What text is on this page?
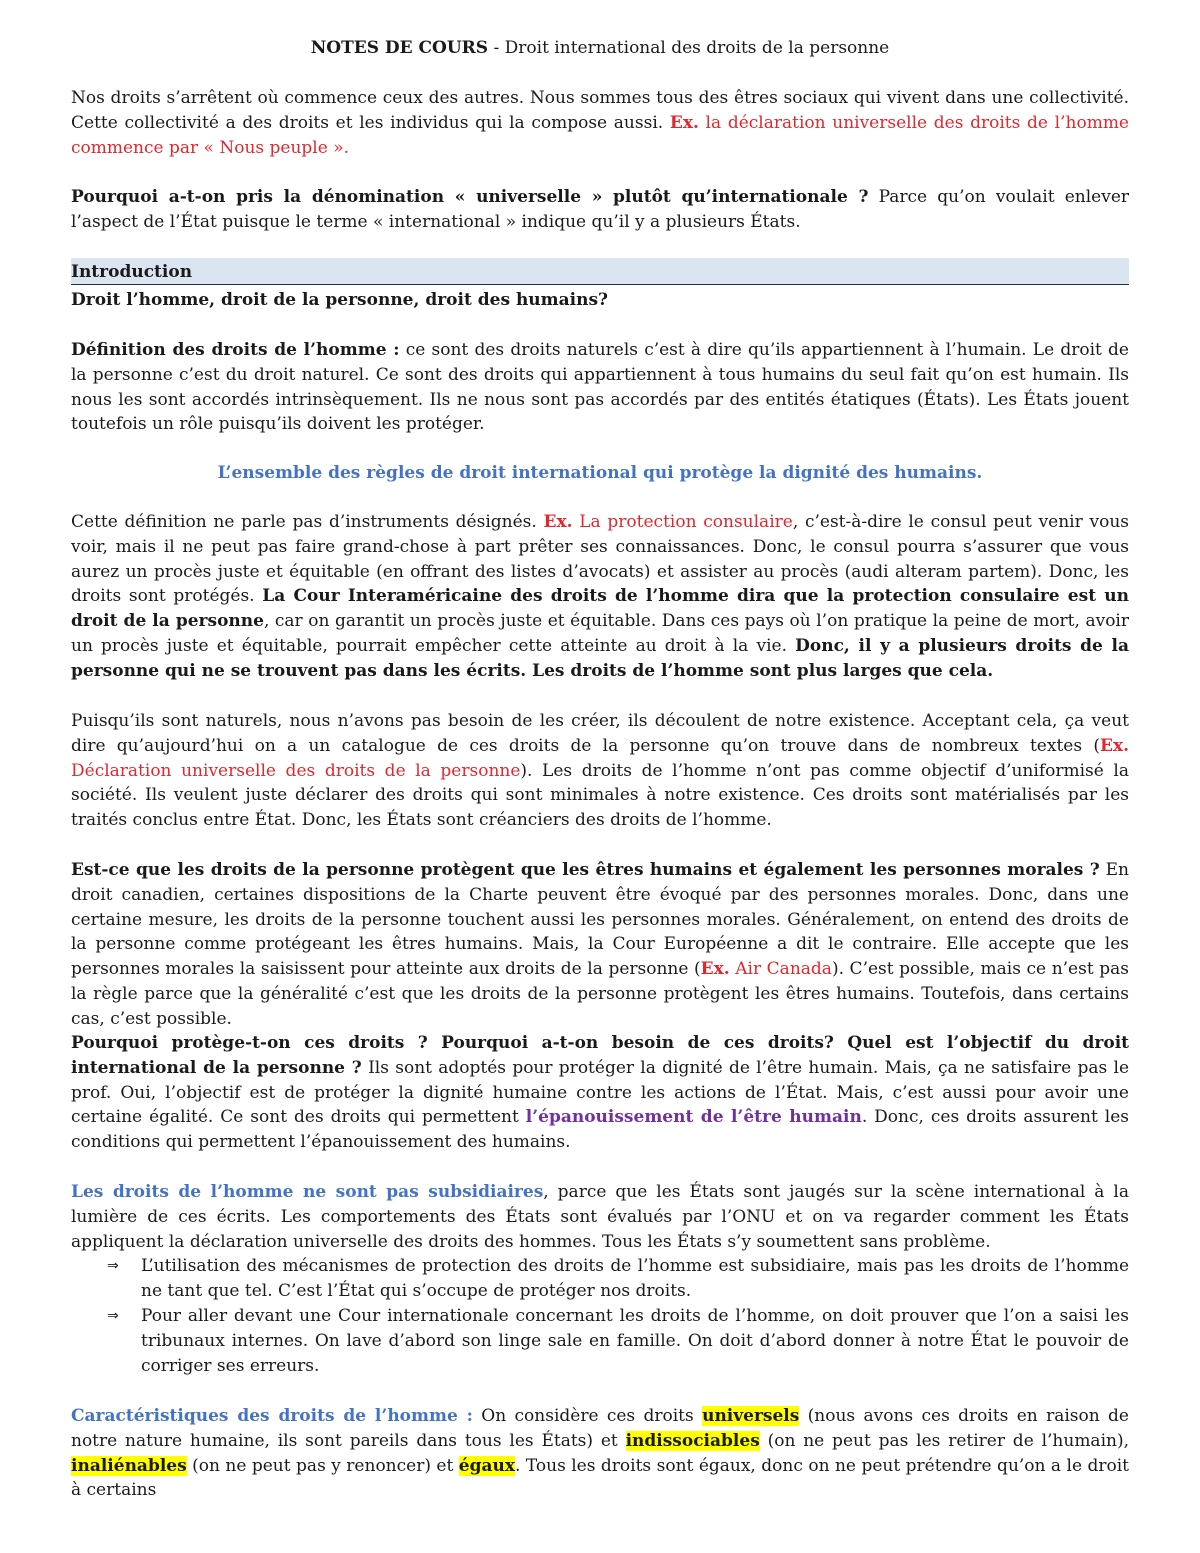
NOTES DE COURS - Droit international des droits de la personne

Nos droits s’arrêtent où commence ceux des autres. Nous sommes tous des êtres sociaux qui vivent dans une collectivité. Cette collectivité a des droits et les individus qui la compose aussi. Ex. la déclaration universelle des droits de l’homme commence par « Nous peuple ».

Pourquoi a-t-on pris la dénomination « universelle » plutôt qu’internationale ? Parce qu’on voulait enlever l’aspect de l’État puisque le terme « international » indique qu’il y a plusieurs États.

Introduction

Droit l’homme, droit de la personne, droit des humains?

Définition des droits de l’homme : ce sont des droits naturels c’est à dire qu’ils appartiennent à l’humain. Le droit de la personne c’est du droit naturel. Ce sont des droits qui appartiennent à tous humains du seul fait qu’on est humain. Ils nous les sont accordés intrinsèquement. Ils ne nous sont pas accordés par des entités étatiques (États). Les États jouent toutefois un rôle puisqu’ils doivent les protéger.

L’ensemble des règles de droit international qui protège la dignité des humains.

Cette définition ne parle pas d’instruments désignés. Ex. La protection consulaire, c’est-à-dire le consul peut venir vous voir, mais il ne peut pas faire grand-chose à part prêter ses connaissances. Donc, le consul pourra s’assurer que vous aurez un procès juste et équitable (en offrant des listes d’avocats) et assister au procès (audi alteram partem). Donc, les droits sont protégés. La Cour Interaméricaine des droits de l’homme dira que la protection consulaire est un droit de la personne, car on garantit un procès juste et équitable. Dans ces pays où l’on pratique la peine de mort, avoir un procès juste et équitable, pourrait empêcher cette atteinte au droit à la vie. Donc, il y a plusieurs droits de la personne qui ne se trouvent pas dans les écrits. Les droits de l’homme sont plus larges que cela.

Puisqu’ils sont naturels, nous n’avons pas besoin de les créer, ils découlent de notre existence. Acceptant cela, ça veut dire qu’aujourd’hui on a un catalogue de ces droits de la personne qu’on trouve dans de nombreux textes (Ex. Déclaration universelle des droits de la personne). Les droits de l’homme n’ont pas comme objectif d’uniformisé la société. Ils veulent juste déclarer des droits qui sont minimales à notre existence. Ces droits sont matérialisés par les traités conclus entre État. Donc, les États sont créanciers des droits de l’homme.

Est-ce que les droits de la personne protègent que les êtres humains et également les personnes morales ? En droit canadien, certaines dispositions de la Charte peuvent être évoqué par des personnes morales. Donc, dans une certaine mesure, les droits de la personne touchent aussi les personnes morales. Généralement, on entend des droits de la personne comme protégeant les êtres humains. Mais, la Cour Européenne a dit le contraire. Elle accepte que les personnes morales la saisissent pour atteinte aux droits de la personne (Ex. Air Canada). C’est possible, mais ce n’est pas la règle parce que la généralité c’est que les droits de la personne protègent les êtres humains. Toutefois, dans certains cas, c’est possible.

Pourquoi protège-t-on ces droits ? Pourquoi a-t-on besoin de ces droits? Quel est l’objectif du droit international de la personne ? Ils sont adoptés pour protéger la dignité de l’être humain. Mais, ça ne satisfaire pas le prof. Oui, l’objectif est de protéger la dignité humaine contre les actions de l’État. Mais, c’est aussi pour avoir une certaine égalité. Ce sont des droits qui permettent l’épanouissement de l’être humain. Donc, ces droits assurent les conditions qui permettent l’épanouissement des humains.

Les droits de l’homme ne sont pas subsidiaires, parce que les États sont jaugés sur la scène international à la lumière de ces écrits. Les comportements des États sont évalués par l’ONU et on va regarder comment les États appliquent la déclaration universelle des droits des hommes. Tous les États s’y soumettent sans problème.

⇒ L’utilisation des mécanismes de protection des droits de l’homme est subsidiaire, mais pas les droits de l’homme ne tant que tel. C’est l’État qui s’occupe de protéger nos droits.
⇒ Pour aller devant une Cour internationale concernant les droits de l’homme, on doit prouver que l’on a saisi les tribunaux internes. On lave d’abord son linge sale en famille. On doit d’abord donner à notre État le pouvoir de corriger ses erreurs.

Caractéristiques des droits de l’homme : On considère ces droits universels (nous avons ces droits en raison de notre nature humaine, ils sont pareils dans tous les États) et indissociables (on ne peut pas les retirer de l’humain), inaliénables (on ne peut pas y renoncer) et égaux. Tous les droits sont égaux, donc on ne peut prétendre qu’on a le droit à certains
